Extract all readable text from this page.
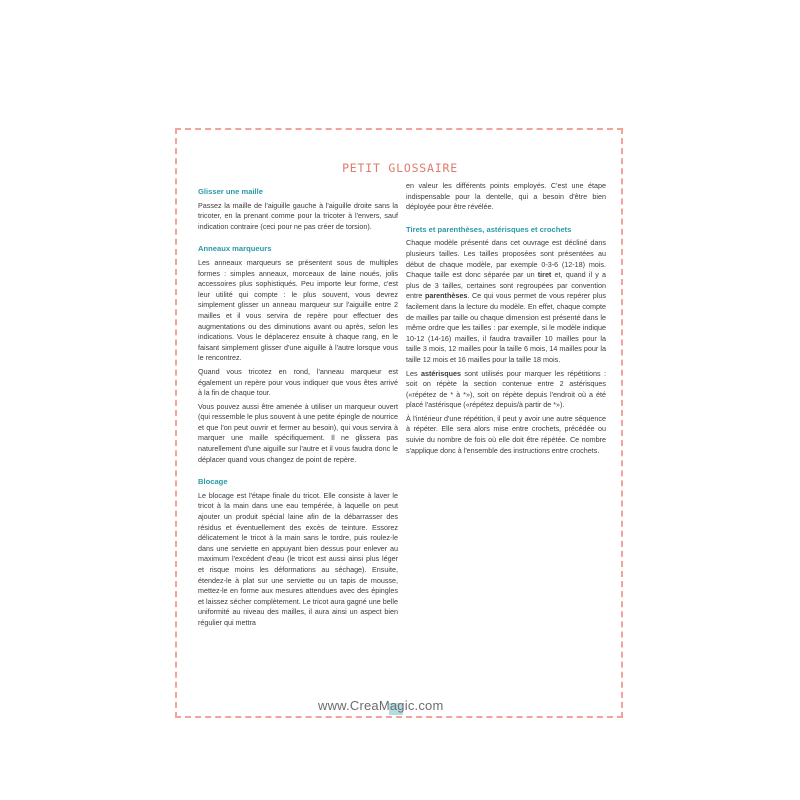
PETIT GLOSSAIRE
Glisser une maille

Passez la maille de l'aiguille gauche à l'aiguille droite sans la tricoter, en la prenant comme pour la tricoter à l'envers, sauf indication contraire (ceci pour ne pas créer de torsion).

Anneaux marqueurs

Les anneaux marqueurs se présentent sous de multiples formes : simples anneaux, morceaux de laine noués, jolis accessoires plus sophistiqués. Peu importe leur forme, c'est leur utilité qui compte : le plus souvent, vous devrez simplement glisser un anneau marqueur sur l'aiguille entre 2 mailles et il vous servira de repère pour effectuer des augmentations ou des diminutions avant ou après, selon les indications. Vous le déplacerez ensuite à chaque rang, en le faisant simplement glisser d'une aiguille à l'autre lorsque vous le rencontrez.

Quand vous tricotez en rond, l'anneau marqueur est également un repère pour vous indiquer que vous êtes arrivé à la fin de chaque tour.

Vous pouvez aussi être amenée à utiliser un marqueur ouvert (qui ressemble le plus souvent à une petite épingle de nourrice et que l'on peut ouvrir et fermer au besoin), qui vous servira à marquer une maille spécifiquement. Il ne glissera pas naturellement d'une aiguille sur l'autre et il vous faudra donc le déplacer quand vous changez de point de repère.

Blocage

Le blocage est l'étape finale du tricot. Elle consiste à laver le tricot à la main dans une eau tempérée, à laquelle on peut ajouter un produit spécial laine afin de la débarrasser des résidus et éventuellement des excès de teinture. Essorez délicatement le tricot à la main sans le tordre, puis roulez-le dans une serviette en appuyant bien dessus pour enlever au maximum l'excédent d'eau (le tricot est aussi ainsi plus léger et risque moins les déformations au séchage). Ensuite, étendez-le à plat sur une serviette ou un tapis de mousse, mettez-le en forme aux mesures attendues avec des épingles et laissez sécher complètement. Le tricot aura gagné une belle uniformité au niveau des mailles, il aura ainsi un aspect bien régulier qui mettra

en valeur les différents points employés. C'est une étape indispensable pour la dentelle, qui a besoin d'être bien déployée pour être révélée.

Tirets et parenthèses, astérisques et crochets

Chaque modèle présenté dans cet ouvrage est décliné dans plusieurs tailles. Les tailles proposées sont présentées au début de chaque modèle, par exemple 0-3-6 (12-18) mois. Chaque taille est donc séparée par un tiret et, quand il y a plus de 3 tailles, certaines sont regroupées par convention entre parenthèses. Ce qui vous permet de vous repérer plus facilement dans la lecture du modèle. En effet, chaque compte de mailles par taille ou chaque dimension est présenté dans le même ordre que les tailles : par exemple, si le modèle indique 10-12 (14-16) mailles, il faudra travailler 10 mailles pour la taille 3 mois, 12 mailles pour la taille 6 mois, 14 mailles pour la taille 12 mois et 16 mailles pour la taille 18 mois.

Les astérisques sont utilisés pour marquer les répétitions : soit on répète la section contenue entre 2 astérisques («répétez de * à *»), soit on répète depuis l'endroit où a été placé l'astérisque («répétez depuis/à partir de *»).

À l'intérieur d'une répétition, il peut y avoir une autre séquence à répéter. Elle sera alors mise entre crochets, précédée ou suivie du nombre de fois où elle doit être répétée. Ce nombre s'applique donc à l'ensemble des instructions entre crochets.

www.CreaMagic.com
